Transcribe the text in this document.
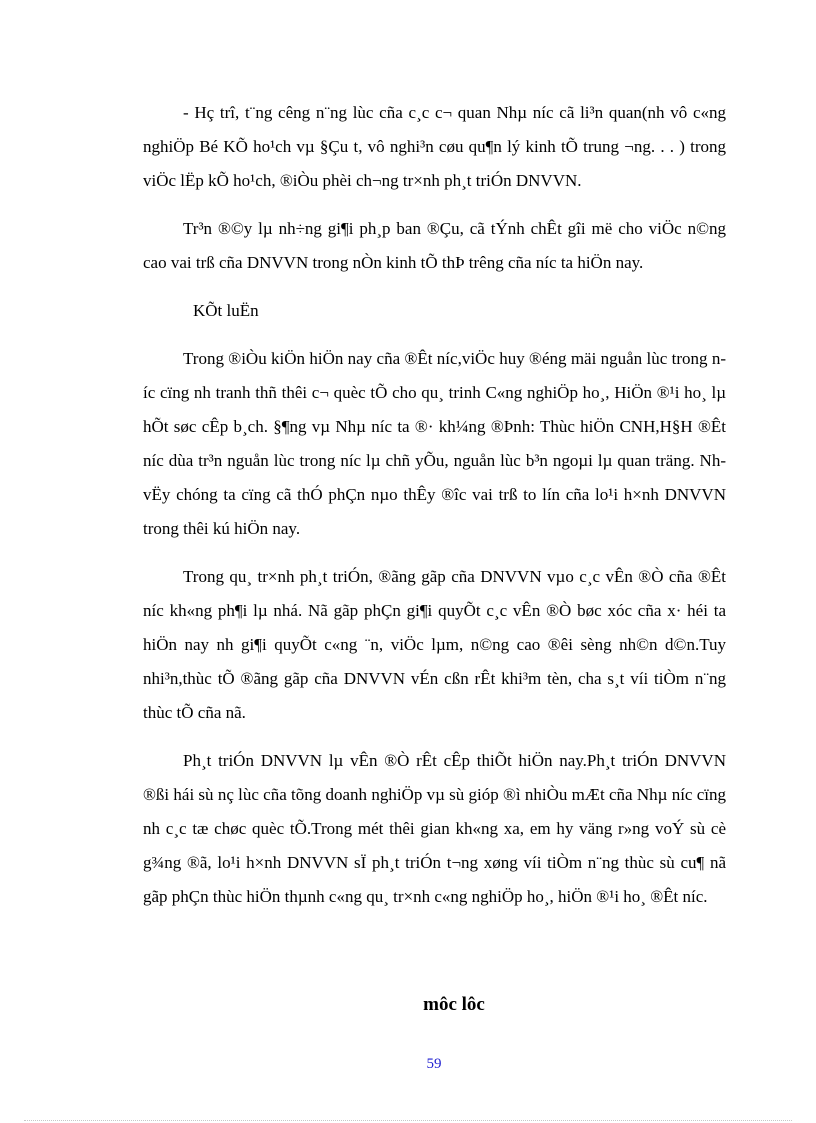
- Hç trî, t¨ng cêng n¨ng lùc cña c¸c c¬ quan Nhµ níc cã li³n quan(nh vô c«ng nghiÖp Bé KÕ ho¹ch vµ §Çu t, vô nghi³n cøu qu¶n lý kinh tÕ trung ¬ng. . . ) trong viÖc lËp kÕ ho¹ch, ®iÒu phèi ch¬ng tr×nh ph¸t triÓn DNVVN.

Tr³n ®©y lµ nh÷ng gi¶i ph¸p ban ®Çu, cã tÝnh chÊt gîi më cho viÖc n©ng cao vai trß cña DNVVN trong nÒn kinh tÕ thÞ trêng cña níc ta hiÖn nay.

KÕt luËn

Trong ®iÒu kiÖn hiÖn nay cña ®Êt níc,viÖc huy ®éng mäi nguån lùc trong níc cïng nh tranh thñ thêi c¬ quèc tÕ cho qu¸ trinh C«ng nghiÖp ho¸, HiÖn ®¹i ho¸ lµ hÕt søc cÊp b¸ch. §¶ng vµ Nhµ níc ta ®· kh¼ng ®Þnh: Thùc hiÖn CNH,H§H ®Êt níc dùa tr³n nguån lùc trong níc lµ chñ yÕu, nguån lùc b³n ngoµi lµ quan träng. Nh vËy chóng ta cïng cã thÓ phÇn nµo thÊy ®îc vai trß to lín cña lo¹i h×nh DNVVN trong thêi kú hiÖn nay.

Trong qu¸ tr×nh ph¸t triÓn, ®ãng gãp cña DNVVN vµo c¸c vÊn ®Ò cña ®Êt níc kh«ng ph¶i lµ nhá. Nã gãp phÇn gi¶i quyÕt c¸c vÊn ®Ò bøc xóc cña x· héi ta hiÖn nay nh gi¶i quyÕt c«ng ¨n, viÖc lµm, n©ng cao ®êi sèng nh©n d©n.Tuy nhi³n,thùc tÕ ®ãng gãp cña DNVVN vÉn cßn rÊt khi³m tèn, cha s¸t víi tiÒm n¨ng thùc tÕ cña nã.

Ph¸t triÓn DNVVN lµ vÊn ®Ò rÊt cÊp thiÕt hiÖn nay.Ph¸t triÓn DNVVN ®ßi hái sù nç lùc cña tõng doanh nghiÖp vµ sù gióp ®ì nhiÒu mÆt cña Nhµ níc cïng nh c¸c tæ chøc quèc tÕ.Trong mét thêi gian kh«ng xa, em hy väng r»ng voÝ sù cè g¾ng ®ã, lo¹i h×nh DNVVN sÏ ph¸t triÓn t¬ng xøng víi tiÒm n¨ng thùc sù cu¶ nã gãp phÇn thùc hiÖn thµnh c«ng qu¸ tr×nh c«ng nghiÖp ho¸, hiÖn ®¹i ho¸ ®Êt níc.

môc lôc
59
